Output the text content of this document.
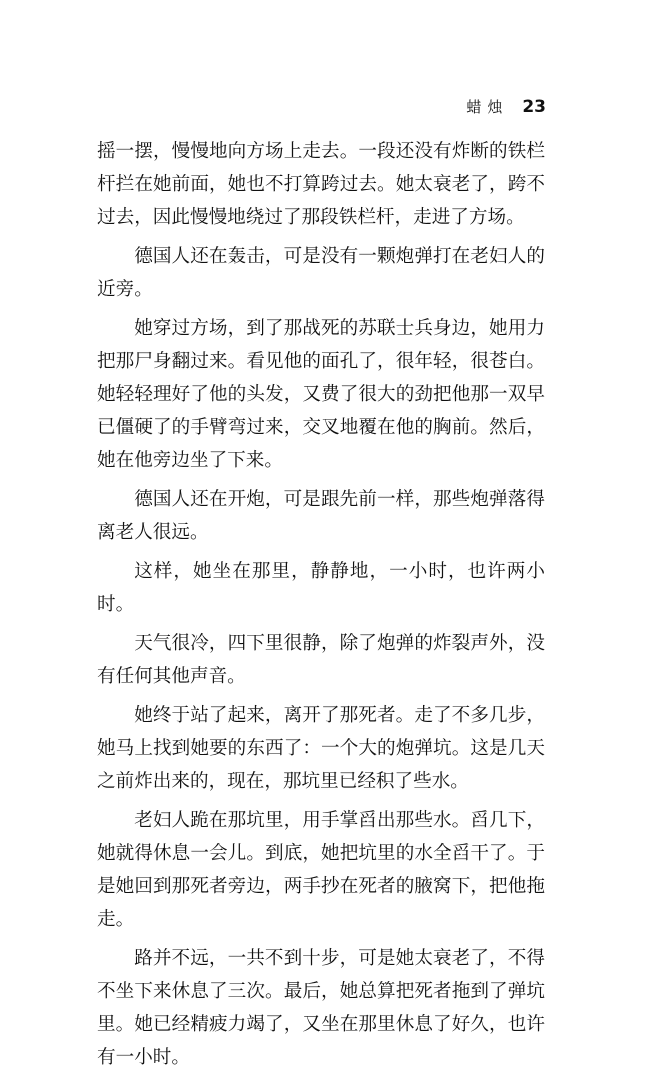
蜡烛 23

摇一摆，慢慢地向方场上走去。一段还没有炸断的铁栏杆拦在她前面，她也不打算跨过去。她太衰老了，跨不过去，因此慢慢地绕过了那段铁栏杆，走进了方场。

德国人还在轰击，可是没有一颗炮弹打在老妇人的近旁。

她穿过方场，到了那战死的苏联士兵身边，她用力把那尸身翻过来。看见他的面孔了，很年轻，很苍白。她轻轻理好了他的头发，又费了很大的劲把他那一双早已僵硬了的手臂弯过来，交叉地覆在他的胸前。然后，她在他旁边坐了下来。

德国人还在开炮，可是跟先前一样，那些炮弹落得离老人很远。

这样，她坐在那里，静静地，一小时，也许两小时。

天气很冷，四下里很静，除了炮弹的炸裂声外，没有任何其他声音。

她终于站了起来，离开了那死者。走了不多几步，她马上找到她要的东西了：一个大的炮弹坑。这是几天之前炸出来的，现在，那坑里已经积了些水。

老妇人跪在那坑里，用手掌舀出那些水。舀几下，她就得休息一会儿。到底，她把坑里的水全舀干了。于是她回到那死者旁边，两手抄在死者的腋窝下，把他拖走。

路并不远，一共不到十步，可是她太衰老了，不得不坐下来休息了三次。最后，她总算把死者拖到了弹坑里。她已经精疲力竭了，又坐在那里休息了好久，也许有一小时。
